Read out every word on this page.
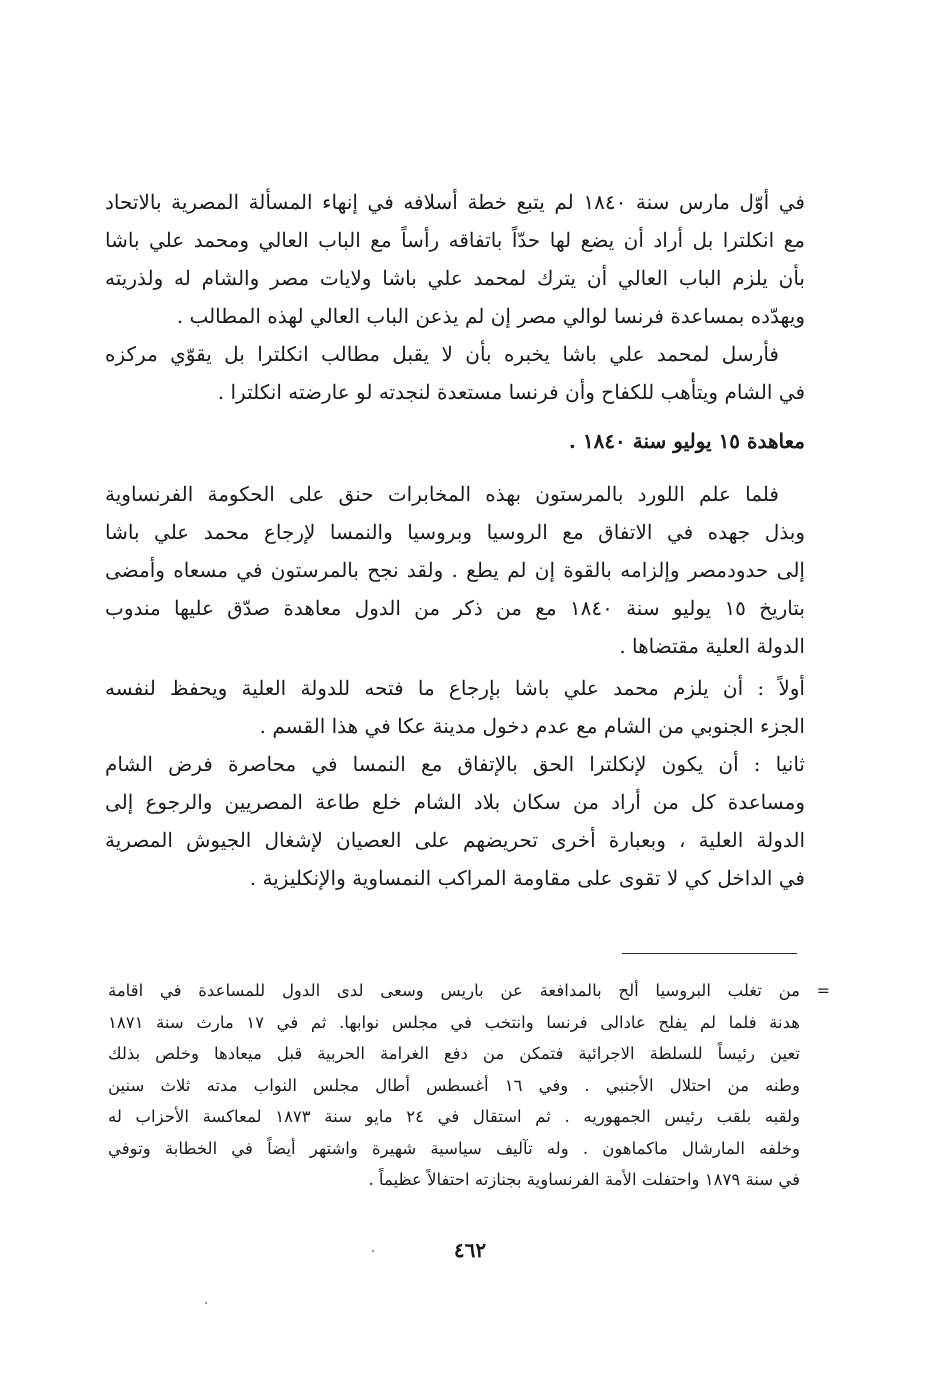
في أوّل مارس سنة ١٨٤٠ لم يتبع خطة أسلافه في إنهاء المسألة المصرية بالاتحاد
مع انكلترا بل أراد أن يضع لها حدّاً باتفاقه رأساً مع الباب العالي ومحمد علي باشا
بأن يلزم الباب العالي أن يترك لمحمد علي باشا ولايات مصر والشام له ولذريته
ويهدّده بمساعدة فرنسا لوالي مصر إن لم يذعن الباب العالي لهذه المطالب .
فأرسل لمحمد علي باشا يخبره بأن لا يقبل مطالب انكلترا بل يقوّي مركزه
في الشام ويتأهب للكفاح وأن فرنسا مستعدة لنجدته لو عارضته انكلترا .
معاهدة ١٥ يوليو سنة ١٨٤٠ .
فلما علم اللورد بالمرستون بهذه المخابرات حنق على الحكومة الفرنساوية
وبذل جهده في الاتفاق مع الروسيا وبروسيا والنمسا لإرجاع محمد علي باشا
إلى حدودمصر وإلزامه بالقوة إن لم يطع . ولقد نجح بالمرستون في مسعاه وأمضى
بتاريخ ١٥ يوليو سنة ١٨٤٠ مع من ذكر من الدول معاهدة صدّق عليها مندوب
الدولة العلية مقتضاها .
أولاً : أن يلزم محمد علي باشا بإرجاع ما فتحه للدولة العلية ويحفظ لنفسه
الجزء الجنوبي من الشام مع عدم دخول مدينة عكا في هذا القسم .
ثانيا : أن يكون لإنكلترا الحق بالإتفاق مع النمسا في محاصرة فرض الشام
ومساعدة كل من أراد من سكان بلاد الشام خلع طاعة المصريين والرجوع إلى
الدولة العلية ، وبعبارة أخرى تحريضهم على العصيان لإشغال الجيوش المصرية
في الداخل كي لا تقوى على مقاومة المراكب النمساوية والإنكليزية .
=
من تغلب البروسيا ألح بالمدافعة عن باريس وسعى لدى الدول للمساعدة في اقامة
هدنة فلما لم يفلح عادالى فرنسا وانتخب في مجلس نوابها. ثم في ١٧ مارث سنة ١٨٧١
تعين رئيساً للسلطة الاجرائية فتمكن من دفع الغرامة الحربية قبل ميعادها وخلص بذلك
وطنه من احتلال الأجنبي . وفي ١٦ أغسطس أطال مجلس النواب مدته ثلاث سنين
ولقبه بلقب رئيس الجمهوريه . ثم استقال في ٢٤ مايو سنة ١٨٧٣ لمعاكسة الأحزاب له
وخلفه المارشال ماكماهون . وله تآليف سياسية شهيرة واشتهر أيضاً في الخطابة وتوفي
في سنة ١٨٧٩ واحتفلت الأمة الفرنساوية بجنازته احتفالاً عظيماً .
٤٦٢
